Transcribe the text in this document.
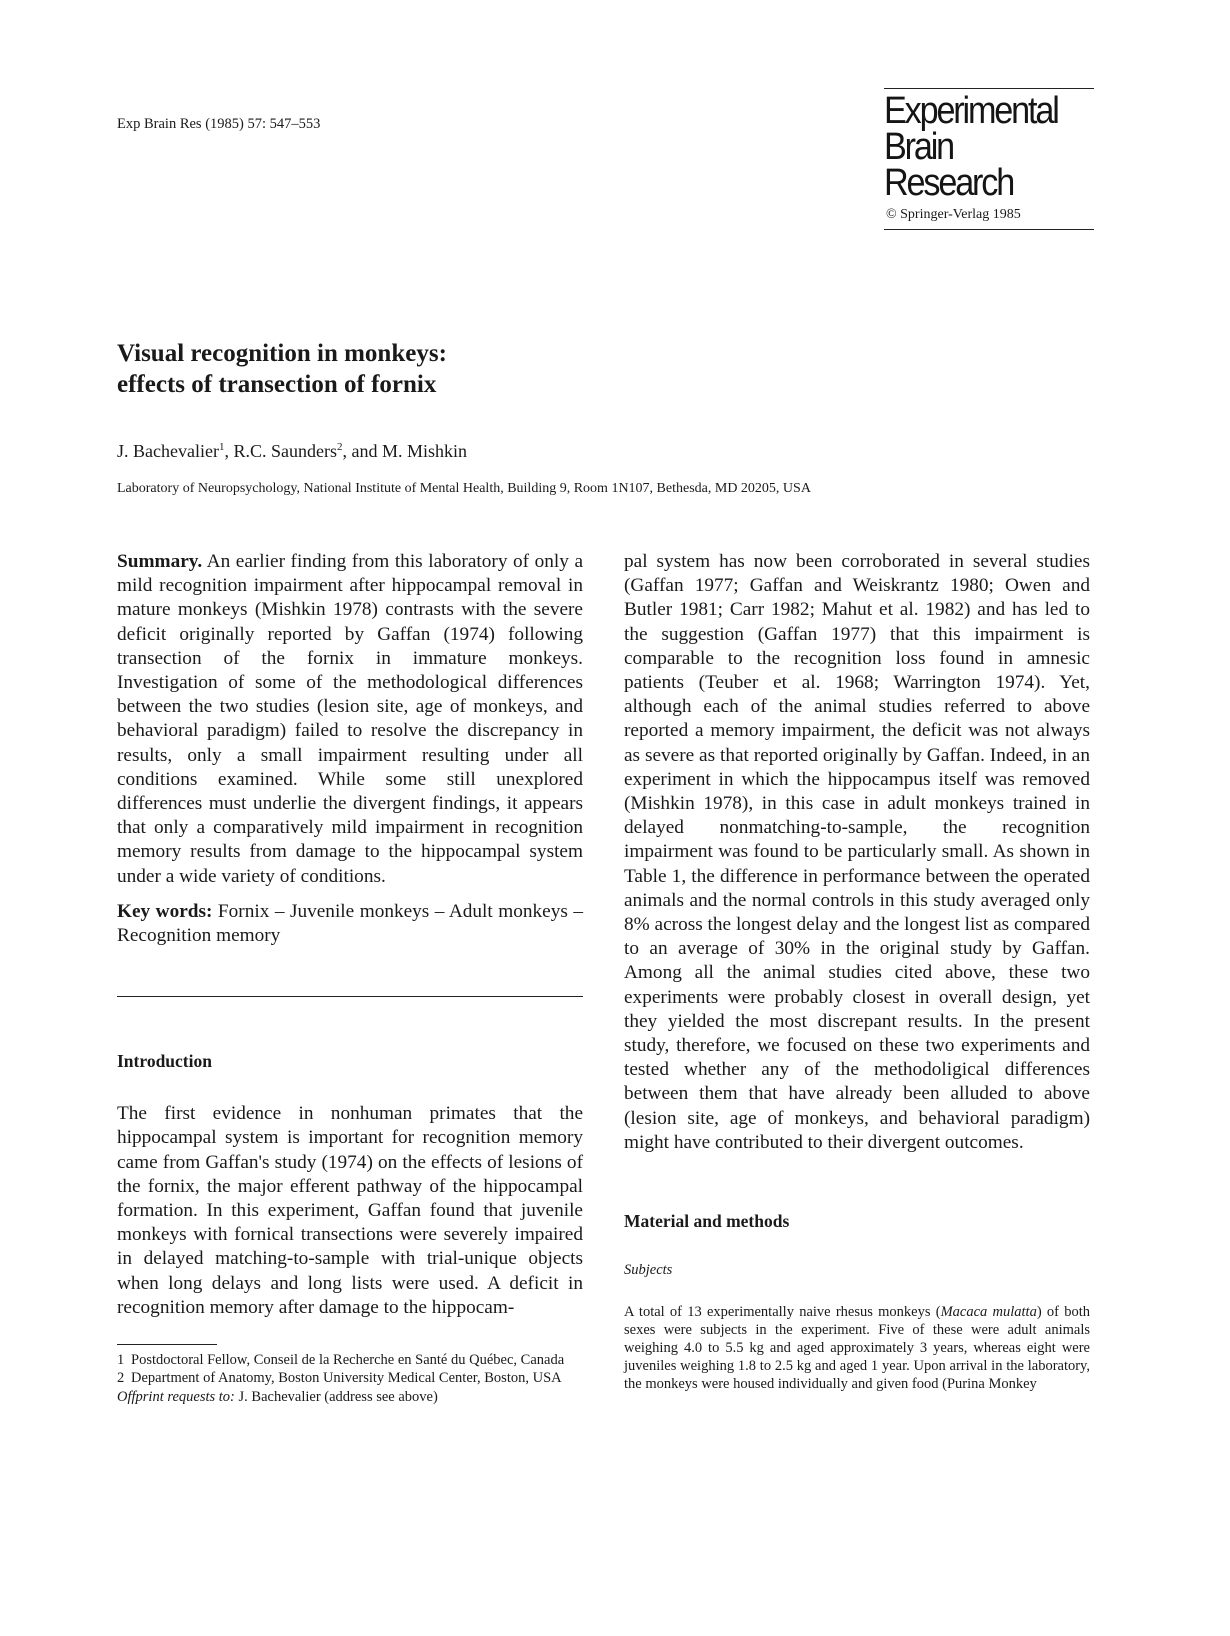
Exp Brain Res (1985) 57: 547–553	Experimental
Brain Research
© Springer-Verlag 1985
Visual recognition in monkeys:
effects of transection of fornix

J. Bachevalier$^1$, R.C. Saunders$^2$, and M. Mishkin

Laboratory of Neuropsychology, National Institute of Mental Health, Building 9, Room 1N107, Bethesda, MD 20205, USA

Summary. An earlier finding from this laboratory of only a mild recognition impairment after hippocampal removal in mature monkeys (Mishkin 1978) contrasts with the severe deficit originally reported by Gaffan (1974) following transection of the fornix in immature monkeys. Investigation of some of the methodological differences between the two studies (lesion site, age of monkeys, and behavioral paradigm) failed to resolve the discrepancy in results, only a small impairment resulting under all conditions examined. While some still unexplored differences must underlie the divergent findings, it appears that only a comparatively mild impairment in recognition memory results from damage to the hippocampal system under a wide variety of conditions.

Key words: Fornix – Juvenile monkeys – Adult monkeys – Recognition memory

Introduction

The first evidence in nonhuman primates that the hippocampal system is important for recognition memory came from Gaffan's study (1974) on the effects of lesions of the fornix, the major efferent pathway of the hippocampal formation. In this experiment, Gaffan found that juvenile monkeys with fornical transections were severely impaired in delayed matching-to-sample with trial-unique objects when long delays and long lists were used. A deficit in recognition memory after damage to the hippocam-

1 Postdoctoral Fellow, Conseil de la Recherche en Santé du Québec, Canada

2 Department of Anatomy, Boston University Medical Center, Boston, USA

Offprint requests to: J. Bachevalier (address see above)

pal system has now been corroborated in several studies (Gaffan 1977; Gaffan and Weiskrantz 1980; Owen and Butler 1981; Carr 1982; Mahut et al. 1982) and has led to the suggestion (Gaffan 1977) that this impairment is comparable to the recognition loss found in amnesic patients (Teuber et al. 1968; Warrington 1974). Yet, although each of the animal studies referred to above reported a memory impairment, the deficit was not always as severe as that reported originally by Gaffan. Indeed, in an experiment in which the hippocampus itself was removed (Mishkin 1978), in this case in adult monkeys trained in delayed nonmatching-to-sample, the recognition impairment was found to be particularly small. As shown in Table 1, the difference in performance between the operated animals and the normal controls in this study averaged only 8% across the longest delay and the longest list as compared to an average of 30% in the original study by Gaffan. Among all the animal studies cited above, these two experiments were probably closest in overall design, yet they yielded the most discrepant results. In the present study, therefore, we focused on these two experiments and tested whether any of the methodoligical differences between them that have already been alluded to above (lesion site, age of monkeys, and behavioral paradigm) might have contributed to their divergent outcomes.

Material and methods

Subjects

A total of 13 experimentally naive rhesus monkeys (Macaca mulatta) of both sexes were subjects in the experiment. Five of these were adult animals weighing 4.0 to 5.5 kg and aged approximately 3 years, whereas eight were juveniles weighing 1.8 to 2.5 kg and aged 1 year. Upon arrival in the laboratory, the monkeys were housed individually and given food (Purina Monkey
